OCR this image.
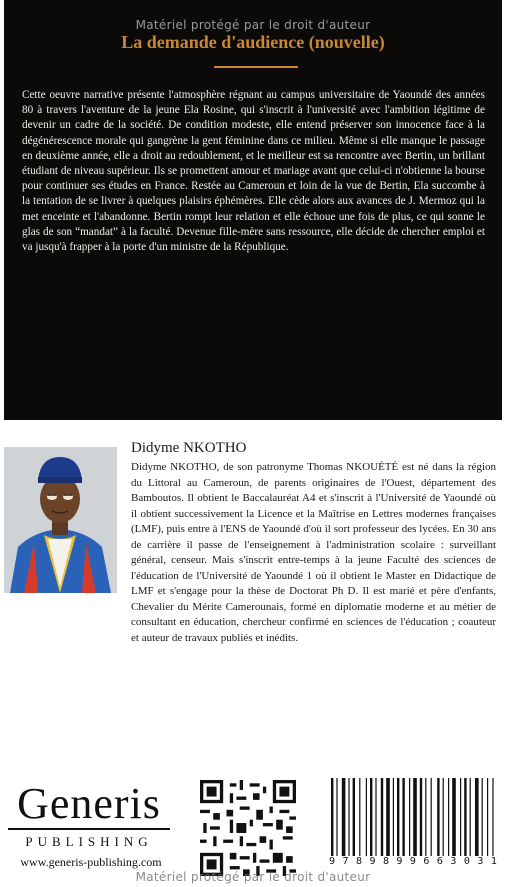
La demande d'audience (nouvelle)

Cette oeuvre narrative présente l'atmosphère régnant au campus universitaire de Yaoundé des années 80 à travers l'aventure de la jeune Ela Rosine, qui s'inscrit à l'université avec l'ambition légitime de devenir un cadre de la société. De condition modeste, elle entend préserver son innocence face à la dégénérescence morale qui gangrène la gent féminine dans ce milieu. Même si elle manque le passage en deuxième année, elle a droit au redoublement, et le meilleur est sa rencontre avec Bertin, un brillant étudiant de niveau supérieur. Ils se promettent amour et mariage avant que celui-ci n'obtienne la bourse pour continuer ses études en France. Restée au Cameroun et loin de la vue de Bertin, Ela succombe à la tentation de se livrer à quelques plaisirs éphémères. Elle cède alors aux avances de J. Mermoz qui la met enceinte et l'abandonne. Bertin rompt leur relation et elle échoue une fois de plus, ce qui sonne le glas de son “mandat” à la faculté. Devenue fille-mère sans ressource, elle décide de chercher emploi et va jusqu'à frapper à la porte d'un ministre de la République.

Matériel protégé par le droit d'auteur
Didyme NKOTHO

Didyme NKOTHO, de son patronyme Thomas NKOUÉTÉ est né dans la région du Littoral au Cameroun, de parents originaires de l'Ouest, département des Bamboutos. Il obtient le Baccalauréat A4 et s'inscrit à l'Université de Yaoundé où il obtient successivement la Licence et la Maîtrise en Lettres modernes françaises (LMF), puis entre à l'ENS de Yaoundé d'où il sort professeur des lycées. En 30 ans de carrière il passe de l'enseignement à l'administration scolaire : surveillant général, censeur. Mais s'inscrit entre-temps à la jeune Faculté des sciences de l'éducation de l'Université de Yaoundé 1 où il obtient le Master en Didactique de LMF et s'engage pour la thèse de Doctorat Ph D. Il est marié et père d'enfants, Chevalier du Mérite Camerounais, formé en diplomatie moderne et au métier de consultant en éducation, chercheur confirmé en sciences de l'éducation ; coauteur et auteur de travaux publiés et inédits.

Generis
PUBLISHING
www.generis-publishing.com	9 7 8 9 8 9 9 6 6 3 0 3 1
Matériel protégé par le droit d'auteur
